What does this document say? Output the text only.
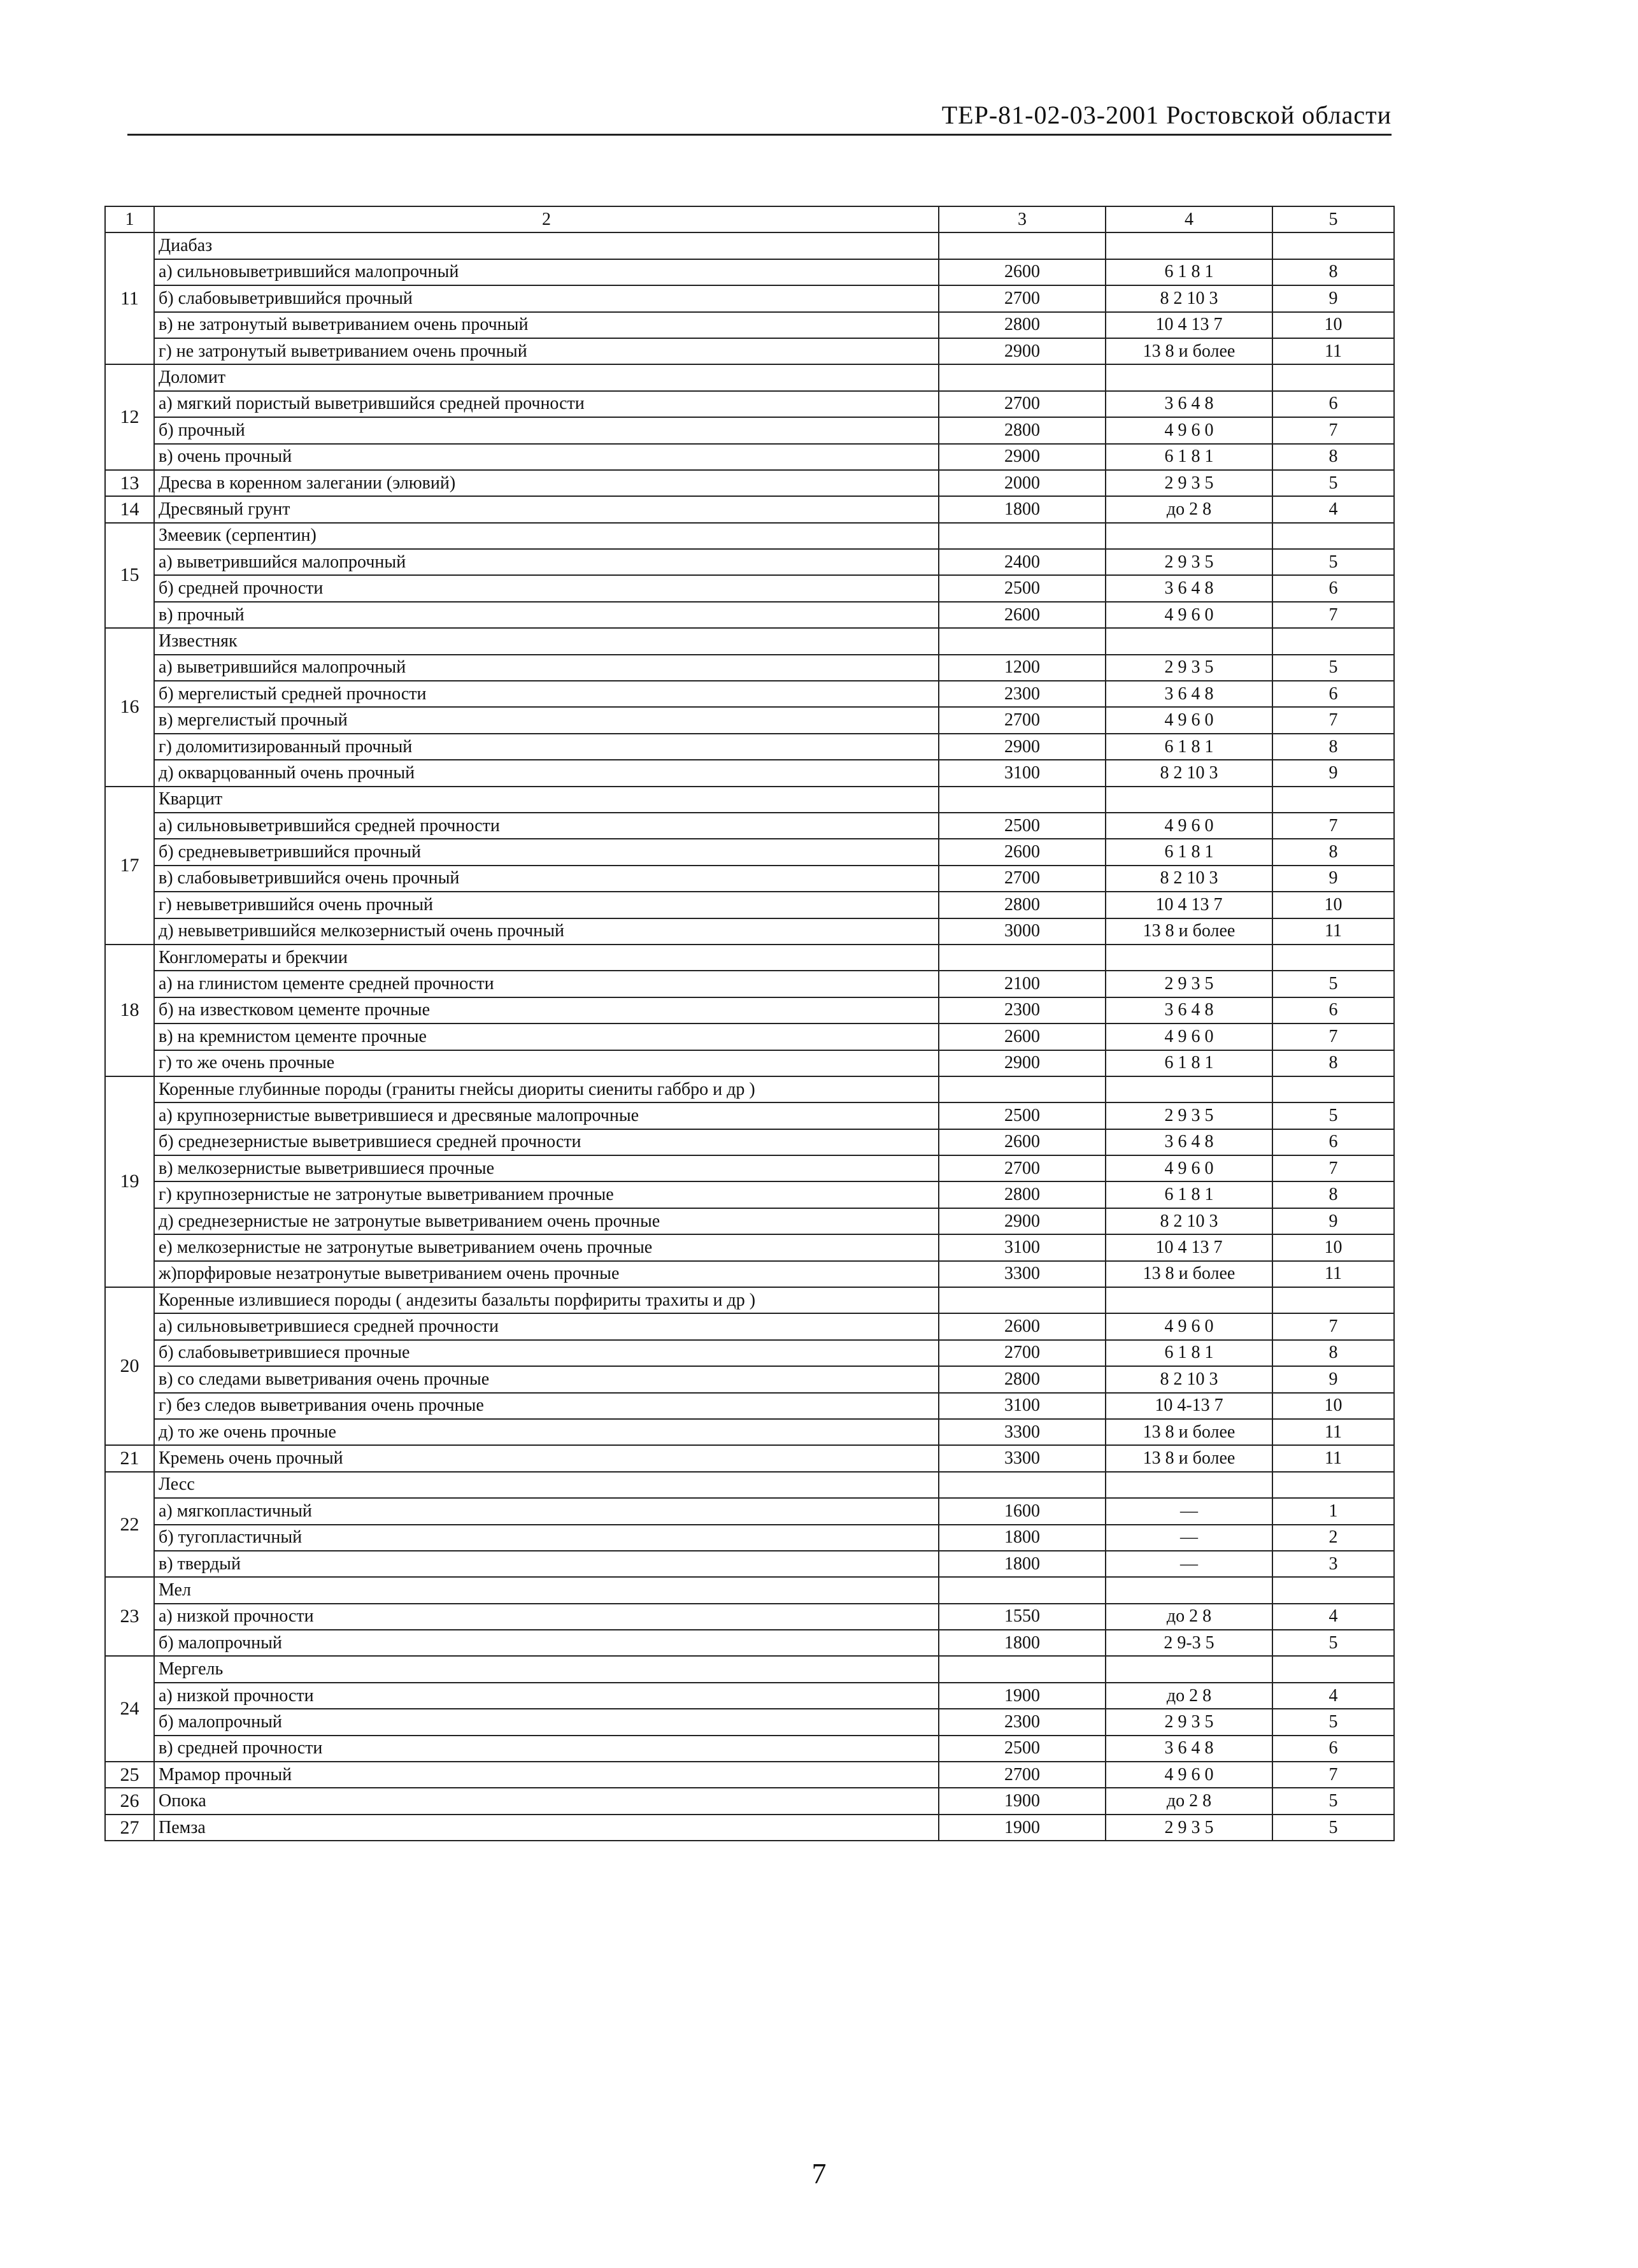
ТЕР-81-02-03-2001 Ростовской области
1	2	3	4	5
11	Диабаз			
	а) сильновыветрившийся малопрочный	2600	6 1 8 1	8
	б) слабовыветрившийся прочный	2700	8 2 10 3	9
	в) не затронутый выветриванием очень прочный	2800	10 4 13 7	10
	г) не затронутый выветриванием очень прочный	2900	13 8 и более	11
12	Доломит			
	а) мягкий пористый выветрившийся средней прочности	2700	3 6 4 8	6
	б) прочный	2800	4 9 6 0	7
	в) очень прочный	2900	6 1 8 1	8
13	Дресва в коренном залегании (элювий)	2000	2 9 3 5	5
14	Дресвяный грунт	1800	до 2 8	4
15	Змеевик (серпентин)			
	а) выветрившийся малопрочный	2400	2 9 3 5	5
	б) средней прочности	2500	3 6 4 8	6
	в) прочный	2600	4 9 6 0	7
16	Известняк			
	а) выветрившийся малопрочный	1200	2 9 3 5	5
	б) мергелистый средней прочности	2300	3 6 4 8	6
	в) мергелистый прочный	2700	4 9 6 0	7
	г) доломитизированный прочный	2900	6 1 8 1	8
	д) окварцованный очень прочный	3100	8 2 10 3	9
17	Кварцит			
	а) сильновыветрившийся средней прочности	2500	4 9 6 0	7
	б) средневыветрившийся прочный	2600	6 1 8 1	8
	в) слабовыветрившийся очень прочный	2700	8 2 10 3	9
	г) невыветрившийся очень прочный	2800	10 4 13 7	10
	д) невыветрившийся мелкозернистый очень прочный	3000	13 8 и более	11
18	Конгломераты и брекчии			
	а) на глинистом цементе средней прочности	2100	2 9 3 5	5
	б) на известковом цементе прочные	2300	3 6 4 8	6
	в) на кремнистом цементе прочные	2600	4 9 6 0	7
	г) то же очень прочные	2900	6 1 8 1	8
19	Коренные глубинные породы (граниты гнейсы диориты сиениты габбро и др )			
	а) крупнозернистые выветрившиеся и дресвяные малопрочные	2500	2 9 3 5	5
	б) среднезернистые выветрившиеся средней прочности	2600	3 6 4 8	6
	в) мелкозернистые выветрившиеся прочные	2700	4 9 6 0	7
	г) крупнозернистые не затронутые выветриванием прочные	2800	6 1 8 1	8
	д) среднезернистые не затронутые выветриванием очень прочные	2900	8 2 10 3	9
	е) мелкозернистые не затронутые выветриванием очень прочные	3100	10 4 13 7	10
	ж)порфировые незатронутые выветриванием очень прочные	3300	13 8 и более	11
20	Коренные излившиеся породы ( андезиты базальты порфириты трахиты и др )			
	а) сильновыветрившиеся средней прочности	2600	4 9 6 0	7
	б) слабовыветрившиеся прочные	2700	6 1 8 1	8
	в) со следами выветривания очень прочные	2800	8 2 10 3	9
	г) без следов выветривания очень прочные	3100	10 4-13 7	10
	д) то же очень прочные	3300	13 8 и более	11
21	Кремень очень прочный	3300	13 8 и более	11
22	Лесс			
	а) мягкопластичный	1600	—	1
	б) тугопластичный	1800	—	2
	в) твердый	1800	—	3
23	Мел			
	а) низкой прочности	1550	до 2 8	4
	б) малопрочный	1800	2 9-3 5	5
24	Мергель			
	а) низкой прочности	1900	до 2 8	4
	б) малопрочный	2300	2 9 3 5	5
	в) средней прочности	2500	3 6 4 8	6
25	Мрамор прочный	2700	4 9 6 0	7
26	Опока	1900	до 2 8	5
27	Пемза	1900	2 9 3 5	5
7
